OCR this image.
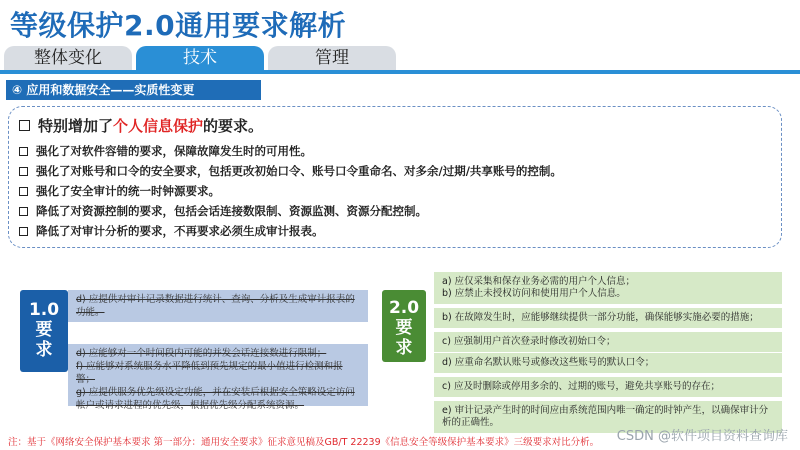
等级保护2.0通用要求解析
整体变化	技术	管理
④ 应用和数据安全——实质性变更
特别增加了 个人信息保护 的要求。
强化了对软件容错的要求，保障故障发生时的可用性。
强化了对账号和口令的安全要求，包括更改初始口令、账号口令重命名、对多余/过期/共享账号的控制。
强化了安全审计的统一时钟源要求。
降低了对资源控制的要求，包括会话连接数限制、资源监测、资源分配控制。
降低了对审计分析的要求，不再要求必须生成审计报表。
1.0
要
求
d) 应提供对审计记录数据进行统计、查询、分析及生成审计报表的功能。
d) 应能够对一个时间段内可能的并发会话连接数进行限制；
f) 应能够对系统服务水平降低到预先规定的最小值进行检测和报警；
g) 应提供服务优先级设定功能，并在安装后根据安全策略设定访问帐户或请求进程的优先级，根据优先级分配系统资源。
2.0
要
求
a) 应仅采集和保存业务必需的用户个人信息；
b) 应禁止未授权访问和使用用户个人信息。
b) 在故障发生时，应能够继续提供一部分功能，确保能够实施必要的措施；
c) 应强制用户首次登录时修改初始口令；
d) 应重命名默认账号或修改这些账号的默认口令；
c) 应及时删除或停用多余的、过期的账号，避免共享账号的存在；
e) 审计记录产生时的时间应由系统范围内唯一确定的时钟产生，以确保审计分析的正确性。
注：基于《网络安全保护基本要求 第一部分：通用安全要求》征求意见稿及GB/T 22239《信息安全等级保护基本要求》三级要求对比分析。 CSDN @软件项目资料查询库
